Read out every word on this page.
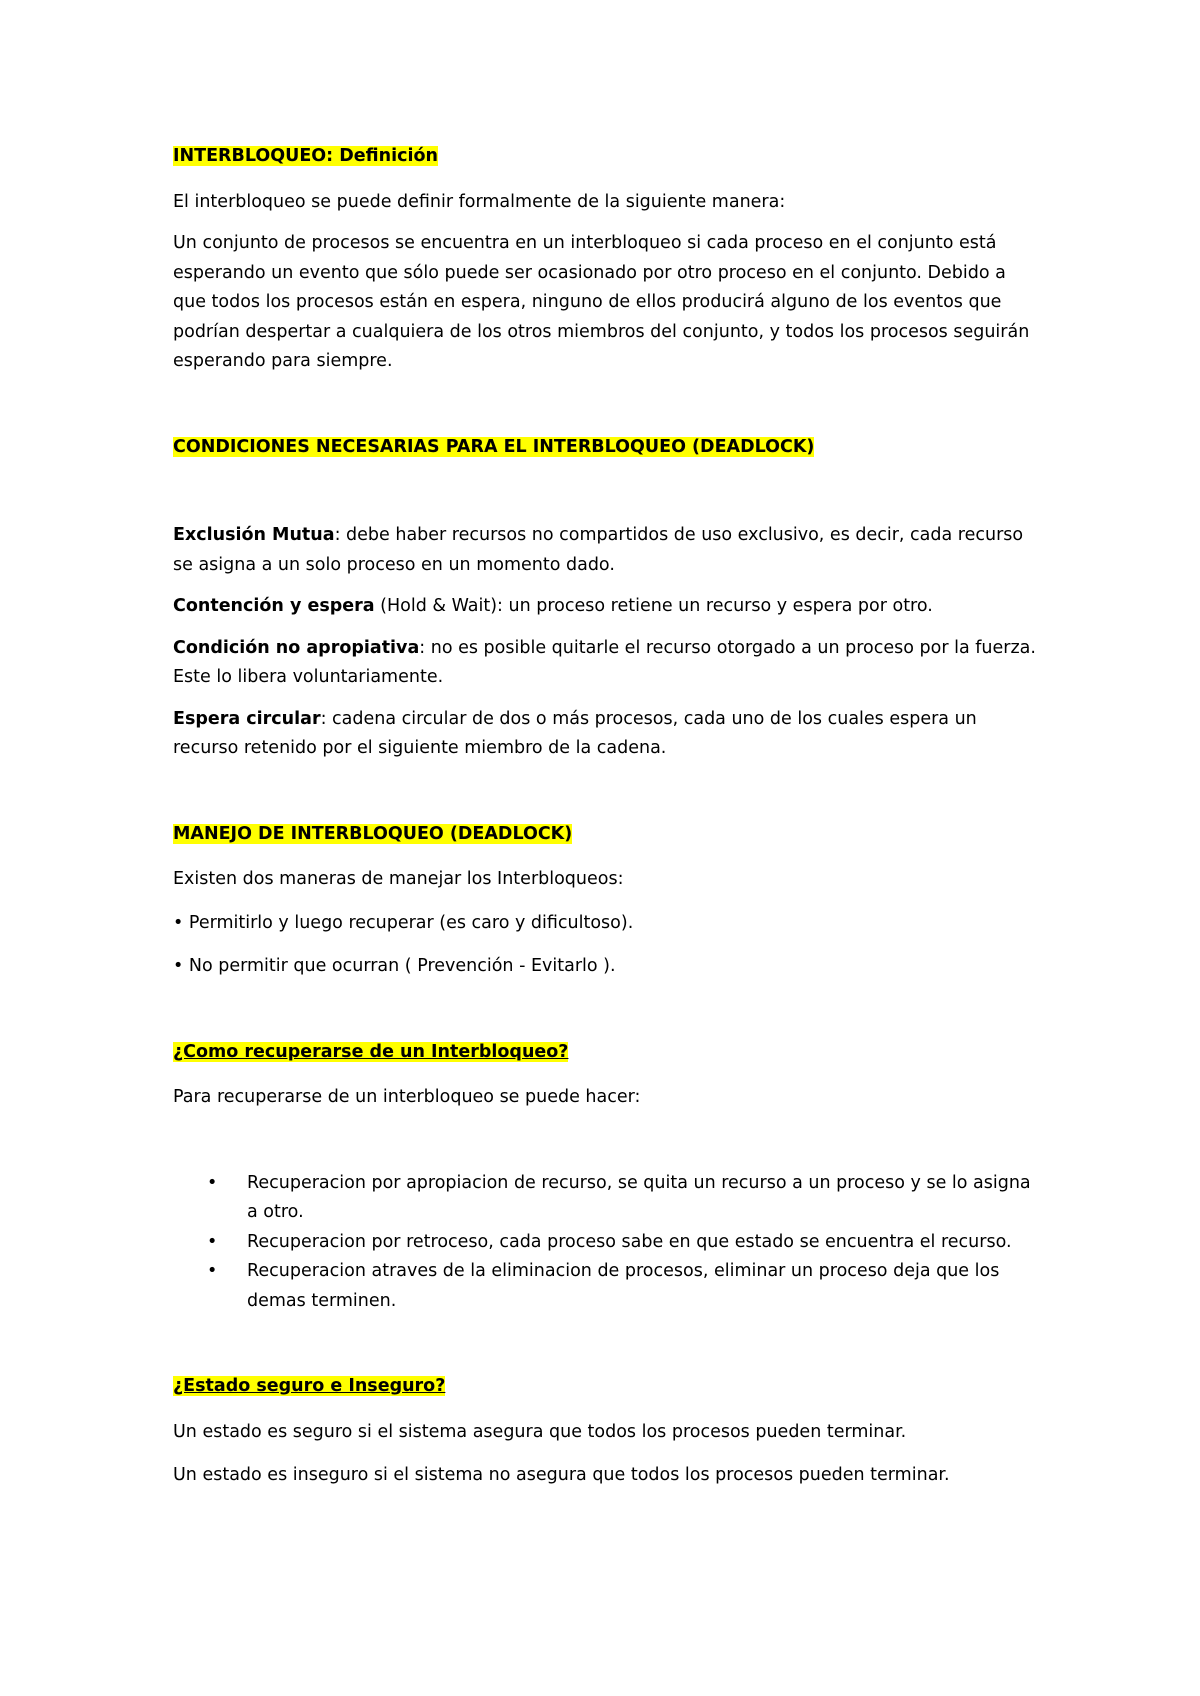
INTERBLOQUEO: Definición

El interbloqueo se puede definir formalmente de la siguiente manera:

Un conjunto de procesos se encuentra en un interbloqueo si cada proceso en el conjunto está esperando un evento que sólo puede ser ocasionado por otro proceso en el conjunto. Debido a que todos los procesos están en espera, ninguno de ellos producirá alguno de los eventos que podrían despertar a cualquiera de los otros miembros del conjunto, y todos los procesos seguirán esperando para siempre.

CONDICIONES NECESARIAS PARA EL INTERBLOQUEO (DEADLOCK)

Exclusión Mutua: debe haber recursos no compartidos de uso exclusivo, es decir, cada recurso se asigna a un solo proceso en un momento dado.

Contención y espera (Hold & Wait): un proceso retiene un recurso y espera por otro.

Condición no apropiativa: no es posible quitarle el recurso otorgado a un proceso por la fuerza. Este lo libera voluntariamente.

Espera circular: cadena circular de dos o más procesos, cada uno de los cuales espera un recurso retenido por el siguiente miembro de la cadena.

MANEJO DE INTERBLOQUEO (DEADLOCK)

Existen dos maneras de manejar los Interbloqueos:

• Permitirlo y luego recuperar (es caro y dificultoso).

• No permitir que ocurran ( Prevención - Evitarlo ).

¿Como recuperarse de un Interbloqueo?

Para recuperarse de un interbloqueo se puede hacer:

• Recuperacion por apropiacion de recurso, se quita un recurso a un proceso y se lo asigna a otro.
• Recuperacion por retroceso, cada proceso sabe en que estado se encuentra el recurso.
• Recuperacion atraves de la eliminacion de procesos, eliminar un proceso deja que los demas terminen.

¿Estado seguro e Inseguro?

Un estado es seguro si el sistema asegura que todos los procesos pueden terminar.

Un estado es inseguro si el sistema no asegura que todos los procesos pueden terminar.
